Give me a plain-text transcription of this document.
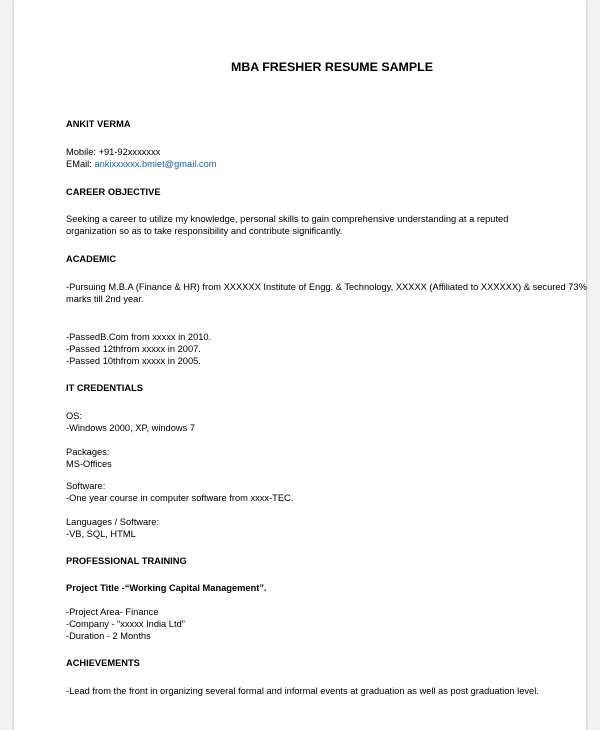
MBA FRESHER RESUME SAMPLE
ANKIT VERMA
Mobile: +91-92xxxxxxx
EMail: ankixxxxxx.bmiet@gmail.com
CAREER OBJECTIVE
Seeking a career to utilize my knowledge, personal skills to gain comprehensive understanding at a reputed organization so as to take responsibility and contribute significantly.
ACADEMIC
-Pursuing M.B.A (Finance & HR) from XXXXXX Institute of Engg. & Technology, XXXXX (Affiliated to XXXXXX) & secured 73%
marks till 2nd year.
-PassedB.Com from xxxxx in 2010.
-Passed 12thfrom xxxxx in 2007.
-Passed 10thfrom xxxxx in 2005.
IT CREDENTIALS
OS:
-Windows 2000, XP, windows 7
Packages:
MS-Offices
Software:
-One year course in computer software from xxxx-TEC.
Languages / Software:
-VB, SQL, HTML
PROFESSIONAL TRAINING
Project Title -“Working Capital Management”.
-Project Area- Finance
-Company - “xxxxx India Ltd”
-Duration - 2 Months
ACHIEVEMENTS
-Lead from the front in organizing several formal and informal events at graduation as well as post graduation level.
